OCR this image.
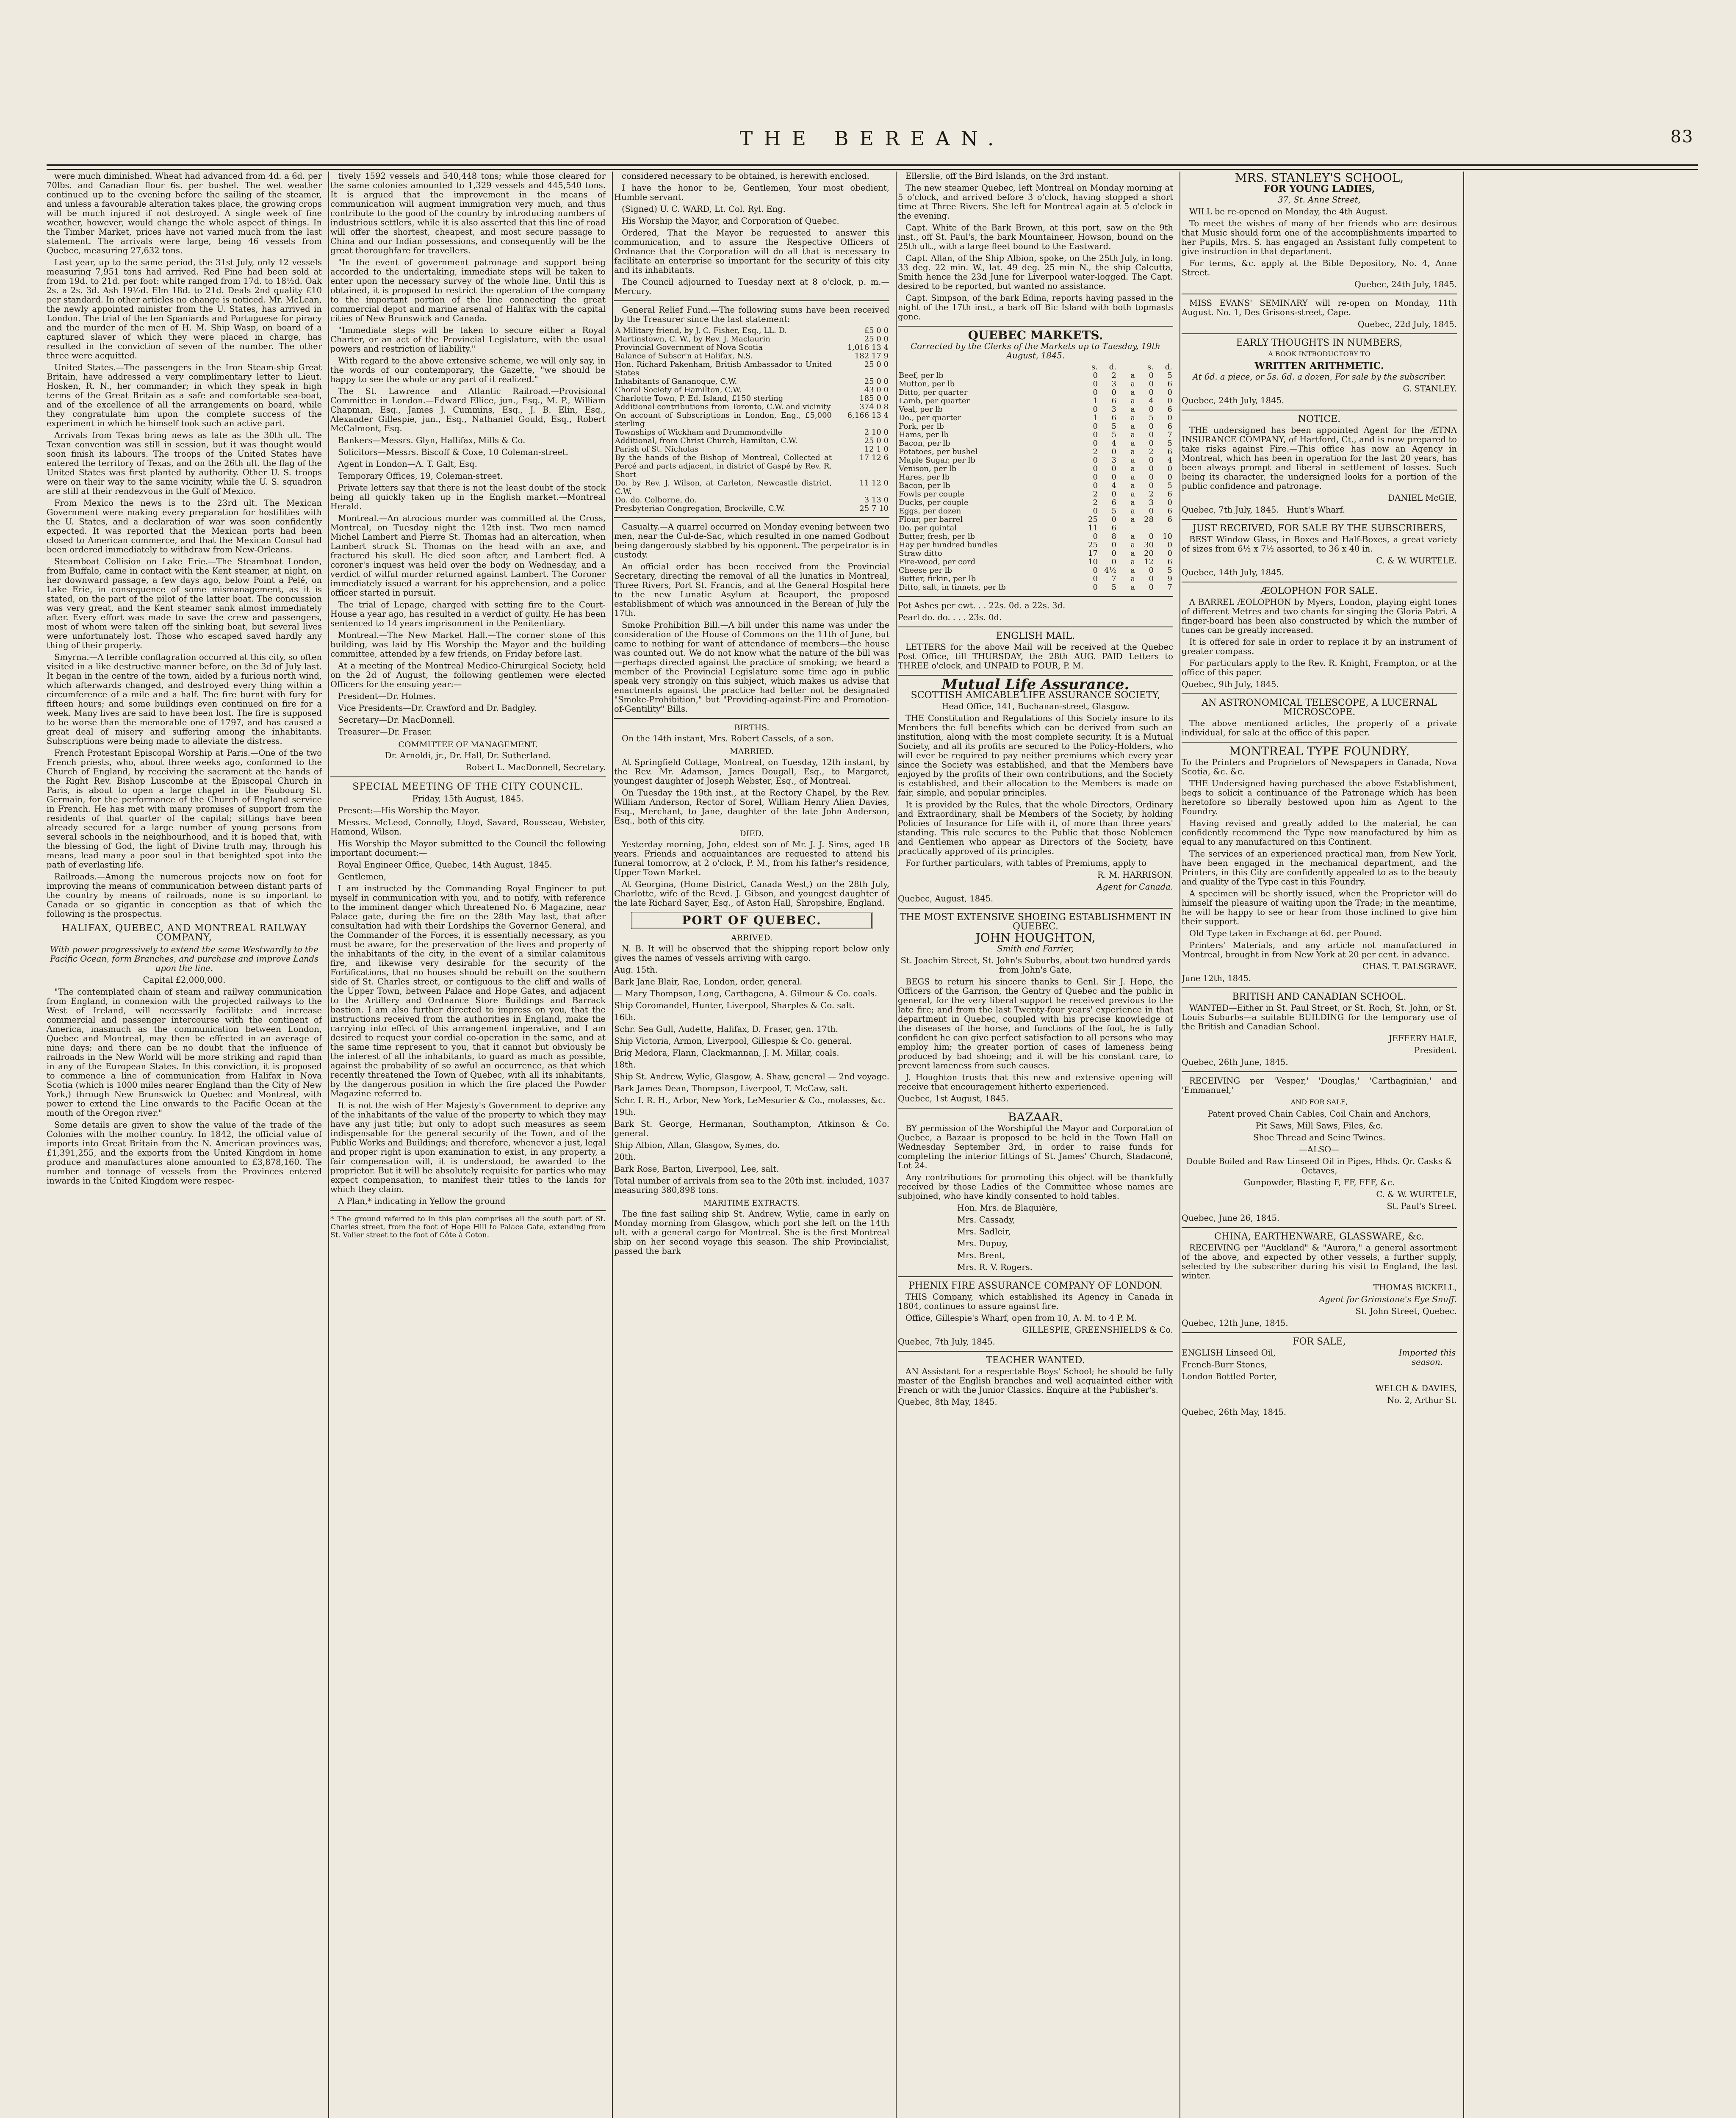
THE BEREAN.	83

were much diminished. Wheat had advanced from 4d. a 6d. per 70lbs. and Canadian flour 6s. per bushel. The wet weather continued up to the evening before the sailing of the steamer, and unless a favourable alteration takes place, the growing crops will be much injured if not destroyed. A single week of fine weather, however, would change the whole aspect of things. In the Timber Market, prices have not varied much from the last statement. The arrivals were large, being 46 vessels from Quebec, measuring 27,632 tons.

Last year, up to the same period, the 31st July, only 12 vessels measuring 7,951 tons had arrived. Red Pine had been sold at from 19d. to 21d. per foot: white ranged from 17d. to 18½d. Oak 2s. a 2s. 3d. Ash 19½d. Elm 18d. to 21d. Deals 2nd quality £10 per standard. In other articles no change is noticed. Mr. McLean, the newly appointed minister from the U. States, has arrived in London. The trial of the ten Spaniards and Portuguese for piracy and the murder of the men of H. M. Ship Wasp, on board of a captured slaver of which they were placed in charge, has resulted in the conviction of seven of the number. The other three were acquitted.

United States.—The passengers in the Iron Steam-ship Great Britain, have addressed a very complimentary letter to Lieut. Hosken, R. N., her commander; in which they speak in high terms of the Great Britain as a safe and comfortable sea-boat, and of the excellence of all the arrangements on board, while they congratulate him upon the complete success of the experiment in which he himself took such an active part.

Arrivals from Texas bring news as late as the 30th ult. The Texan convention was still in session, but it was thought would soon finish its labours. The troops of the United States have entered the territory of Texas, and on the 26th ult. the flag of the United States was first planted by authority. Other U. S. troops were on their way to the same vicinity, while the U. S. squadron are still at their rendezvous in the Gulf of Mexico.

From Mexico the news is to the 23rd ult. The Mexican Government were making every preparation for hostilities with the U. States, and a declaration of war was soon confidently expected. It was reported that the Mexican ports had been closed to American commerce, and that the Mexican Consul had been ordered immediately to withdraw from New-Orleans.

Steamboat Collision on Lake Erie.—The Steamboat London, from Buffalo, came in contact with the Kent steamer, at night, on her downward passage, a few days ago, below Point a Pelé, on Lake Erie, in consequence of some mismanagement, as it is stated, on the part of the pilot of the latter boat. The concussion was very great, and the Kent steamer sank almost immediately after. Every effort was made to save the crew and passengers, most of whom were taken off the sinking boat, but several lives were unfortunately lost. Those who escaped saved hardly any thing of their property.

Smyrna.—A terrible conflagration occurred at this city, so often visited in a like destructive manner before, on the 3d of July last. It began in the centre of the town, aided by a furious north wind, which afterwards changed, and destroyed every thing within a circumference of a mile and a half. The fire burnt with fury for fifteen hours; and some buildings even continued on fire for a week. Many lives are said to have been lost. The fire is supposed to be worse than the memorable one of 1797, and has caused a great deal of misery and suffering among the inhabitants. Subscriptions were being made to alleviate the distress.

French Protestant Episcopal Worship at Paris.—One of the two French priests, who, about three weeks ago, conformed to the Church of England, by receiving the sacrament at the hands of the Right Rev. Bishop Luscombe at the Episcopal Church in Paris, is about to open a large chapel in the Faubourg St. Germain, for the performance of the Church of England service in French. He has met with many promises of support from the residents of that quarter of the capital; sittings have been already secured for a large number of young persons from several schools in the neighbourhood, and it is hoped that, with the blessing of God, the light of Divine truth may, through his means, lead many a poor soul in that benighted spot into the path of everlasting life.

Railroads.—Among the numerous projects now on foot for improving the means of communication between distant parts of the country by means of railroads, none is so important to Canada or so gigantic in conception as that of which the following is the prospectus.

HALIFAX, QUEBEC, AND MONTREAL RAILWAY COMPANY,

With power progressively to extend the same Westwardly to the Pacific Ocean, form Branches, and purchase and improve Lands upon the line.

Capital £2,000,000.

"The contemplated chain of steam and railway communication from England, in connexion with the projected railways to the West of Ireland, will necessarily facilitate and increase commercial and passenger intercourse with the continent of America, inasmuch as the communication between London, Quebec and Montreal, may then be effected in an average of nine days; and there can be no doubt that the influence of railroads in the New World will be more striking and rapid than in any of the European States. In this conviction, it is proposed to commence a line of communication from Halifax in Nova Scotia (which is 1000 miles nearer England than the City of New York,) through New Brunswick to Quebec and Montreal, with power to extend the Line onwards to the Pacific Ocean at the mouth of the Oregon river."

Some details are given to show the value of the trade of the Colonies with the mother country. In 1842, the official value of imports into Great Britain from the N. American provinces was, £1,391,255, and the exports from the United Kingdom in home produce and manufactures alone amounted to £3,878,160. The number and tonnage of vessels from the Provinces entered inwards in the United Kingdom were respec-

tively 1592 vessels and 540,448 tons; while those cleared for the same colonies amounted to 1,329 vessels and 445,540 tons. It is argued that the improvement in the means of communication will augment immigration very much, and thus contribute to the good of the country by introducing numbers of industrious settlers, while it is also asserted that this line of road will offer the shortest, cheapest, and most secure passage to China and our Indian possessions, and consequently will be the great thoroughfare for travellers.

"In the event of government patronage and support being accorded to the undertaking, immediate steps will be taken to enter upon the necessary survey of the whole line. Until this is obtained, it is proposed to restrict the operation of the company to the important portion of the line connecting the great commercial depot and marine arsenal of Halifax with the capital cities of New Brunswick and Canada.

"Immediate steps will be taken to secure either a Royal Charter, or an act of the Provincial Legislature, with the usual powers and restriction of liability."

With regard to the above extensive scheme, we will only say, in the words of our contemporary, the Gazette, "we should be happy to see the whole or any part of it realized."

The St. Lawrence and Atlantic Railroad.—Provisional Committee in London.—Edward Ellice, jun., Esq., M. P., William Chapman, Esq., James J. Cummins, Esq., J. B. Elin, Esq., Alexander Gillespie, jun., Esq., Nathaniel Gould, Esq., Robert McCalmont, Esq.

Bankers—Messrs. Glyn, Hallifax, Mills & Co.

Solicitors—Messrs. Biscoff & Coxe, 10 Coleman-street.

Agent in London—A. T. Galt, Esq.

Temporary Offices, 19, Coleman-street.

Private letters say that there is not the least doubt of the stock being all quickly taken up in the English market.—Montreal Herald.

Montreal.—An atrocious murder was committed at the Cross, Montreal, on Tuesday night the 12th inst. Two men named Michel Lambert and Pierre St. Thomas had an altercation, when Lambert struck St. Thomas on the head with an axe, and fractured his skull. He died soon after, and Lambert fled. A coroner's inquest was held over the body on Wednesday, and a verdict of wilful murder returned against Lambert. The Coroner immediately issued a warrant for his apprehension, and a police officer started in pursuit.

The trial of Lepage, charged with setting fire to the Court-House a year ago, has resulted in a verdict of guilty. He has been sentenced to 14 years imprisonment in the Penitentiary.

Montreal.—The New Market Hall.—The corner stone of this building, was laid by His Worship the Mayor and the building committee, attended by a few friends, on Friday before last.

At a meeting of the Montreal Medico-Chirurgical Society, held on the 2d of August, the following gentlemen were elected Officers for the ensuing year:—

President—Dr. Holmes.

Vice Presidents—Dr. Crawford and Dr. Badgley.

Secretary—Dr. MacDonnell.

Treasurer—Dr. Fraser.

COMMITTEE OF MANAGEMENT.

Dr. Arnoldi, jr., Dr. Hall, Dr. Sutherland.

Robert L. MacDonnell, Secretary.

SPECIAL MEETING OF THE CITY COUNCIL.

Friday, 15th August, 1845.

Present:—His Worship the Mayor.

Messrs. McLeod, Connolly, Lloyd, Savard, Rousseau, Webster, Hamond, Wilson.

His Worship the Mayor submitted to the Council the following important document:—

Royal Engineer Office, Quebec, 14th August, 1845.

Gentlemen,

I am instructed by the Commanding Royal Engineer to put myself in communication with you, and to notify, with reference to the imminent danger which threatened No. 6 Magazine, near Palace gate, during the fire on the 28th May last, that after consultation had with their Lordships the Governor General, and the Commander of the Forces, it is essentially necessary, as you must be aware, for the preservation of the lives and property of the inhabitants of the city, in the event of a similar calamitous fire, and likewise very desirable for the security of the Fortifications, that no houses should be rebuilt on the southern side of St. Charles street, or contiguous to the cliff and walls of the Upper Town, between Palace and Hope Gates, and adjacent to the Artillery and Ordnance Store Buildings and Barrack bastion. I am also further directed to impress on you, that the instructions received from the authorities in England, make the carrying into effect of this arrangement imperative, and I am desired to request your cordial co-operation in the same, and at the same time represent to you, that it cannot but obviously be the interest of all the inhabitants, to guard as much as possible, against the probability of so awful an occurrence, as that which recently threatened the Town of Quebec, with all its inhabitants, by the dangerous position in which the fire placed the Powder Magazine referred to.

It is not the wish of Her Majesty's Government to deprive any of the inhabitants of the value of the property to which they may have any just title; but only to adopt such measures as seem indispensable for the general security of the Town, and of the Public Works and Buildings; and therefore, whenever a just, legal and proper right is upon examination to exist, in any property, a fair compensation will, it is understood, be awarded to the proprietor. But it will be absolutely requisite for parties who may expect compensation, to manifest their titles to the lands for which they claim.

A Plan,* indicating in Yellow the ground

* The ground referred to in this plan comprises all the south part of St. Charles street, from the foot of Hope Hill to Palace Gate, extending from St. Valier street to the foot of Côte à Coton.

considered necessary to be obtained, is herewith enclosed.

I have the honor to be, Gentlemen, Your most obedient, Humble servant.

(Signed) U. C. WARD, Lt. Col. Ryl. Eng.

His Worship the Mayor, and Corporation of Quebec.

Ordered, That the Mayor be requested to answer this communication, and to assure the Respective Officers of Ordnance that the Corporation will do all that is necessary to facilitate an enterprise so important for the security of this city and its inhabitants.

The Council adjourned to Tuesday next at 8 o'clock, p. m.—Mercury.

General Relief Fund.—The following sums have been received by the Treasurer since the last statement:

A Military friend, by J. C. Fisher, Esq., LL. D.	£5 0 0
Martinstown, C. W., by Rev. J. Maclaurin	25 0 0
Provincial Government of Nova Scotia	1,016 13 4
Balance of Subscr'n at Halifax, N.S.	182 17 9
Hon. Richard Pakenham, British Ambassador to United States	25 0 0
Inhabitants of Gananoque, C.W.	25 0 0
Choral Society of Hamilton, C.W.	43 0 0
Charlotte Town, P. Ed. Island, £150 sterling	185 0 0
Additional contributions from Toronto, C.W. and vicinity	374 0 8
On account of Subscriptions in London, Eng., £5,000 sterling	6,166 13 4
Townships of Wickham and Drummondville	2 10 0
Additional, from Christ Church, Hamilton, C.W.	25 0 0
Parish of St. Nicholas	12 1 0
By the hands of the Bishop of Montreal, Collected at Percé and parts adjacent, in district of Gaspé by Rev. R. Short	17 12 6
Do. by Rev. J. Wilson, at Carleton, Newcastle district, C.W.	11 12 0
Do. do. Colborne, do.	3 13 0
Presbyterian Congregation, Brockville, C.W.	25 7 10

Casualty.—A quarrel occurred on Monday evening between two men, near the Cul-de-Sac, which resulted in one named Godbout being dangerously stabbed by his opponent. The perpetrator is in custody.

An official order has been received from the Provincial Secretary, directing the removal of all the lunatics in Montreal, Three Rivers, Port St. Francis, and at the General Hospital here to the new Lunatic Asylum at Beauport, the proposed establishment of which was announced in the Berean of July the 17th.

Smoke Prohibition Bill.—A bill under this name was under the consideration of the House of Commons on the 11th of June, but came to nothing for want of attendance of members—the house was counted out. We do not know what the nature of the bill was—perhaps directed against the practice of smoking; we heard a member of the Provincial Legislature some time ago in public speak very strongly on this subject, which makes us advise that enactments against the practice had better not be designated "Smoke-Prohibition," but "Providing-against-Fire and Promotion-of-Gentility" Bills.

BIRTHS.

On the 14th instant, Mrs. Robert Cassels, of a son.

MARRIED.

At Springfield Cottage, Montreal, on Tuesday, 12th instant, by the Rev. Mr. Adamson, James Dougall, Esq., to Margaret, youngest daughter of Joseph Webster, Esq., of Montreal.

On Tuesday the 19th inst., at the Rectory Chapel, by the Rev. William Anderson, Rector of Sorel, William Henry Alien Davies, Esq., Merchant, to Jane, daughter of the late John Anderson, Esq., both of this city.

DIED.

Yesterday morning, John, eldest son of Mr. J. J. Sims, aged 18 years. Friends and acquaintances are requested to attend his funeral tomorrow, at 2 o'clock, P. M., from his father's residence, Upper Town Market.

At Georgina, (Home District, Canada West,) on the 28th July, Charlotte, wife of the Revd. J. Gibson, and youngest daughter of the late Richard Sayer, Esq., of Aston Hall, Shropshire, England.

PORT OF QUEBEC.
ARRIVED.

N. B. It will be observed that the shipping report below only gives the names of vessels arriving with cargo.

Aug. 15th.

Bark Jane Blair, Rae, London, order, general.

— Mary Thompson, Long, Carthagena, A. Gilmour & Co. coals.

Ship Coromandel, Hunter, Liverpool, Sharples & Co. salt.

16th.

Schr. Sea Gull, Audette, Halifax, D. Fraser, gen. 17th.

Ship Victoria, Armon, Liverpool, Gillespie & Co. general.

Brig Medora, Flann, Clackmannan, J. M. Millar, coals.

18th.

Ship St. Andrew, Wylie, Glasgow, A. Shaw, general — 2nd voyage.

Bark James Dean, Thompson, Liverpool, T. McCaw, salt.

Schr. I. R. H., Arbor, New York, LeMesurier & Co., molasses, &c.

19th.

Bark St. George, Hermanan, Southampton, Atkinson & Co. general.

Ship Albion, Allan, Glasgow, Symes, do.

20th.

Bark Rose, Barton, Liverpool, Lee, salt.

Total number of arrivals from sea to the 20th inst. included, 1037 measuring 380,898 tons.

MARITIME EXTRACTS.

The fine fast sailing ship St. Andrew, Wylie, came in early on Monday morning from Glasgow, which port she left on the 14th ult. with a general cargo for Montreal. She is the first Montreal ship on her second voyage this season. The ship Provincialist, passed the bark

Ellerslie, off the Bird Islands, on the 3rd instant.

The new steamer Quebec, left Montreal on Monday morning at 5 o'clock, and arrived before 3 o'clock, having stopped a short time at Three Rivers. She left for Montreal again at 5 o'clock in the evening.

Capt. White of the Bark Brown, at this port, saw on the 9th inst., off St. Paul's, the bark Mountaineer, Howson, bound on the 25th ult., with a large fleet bound to the Eastward.

Capt. Allan, of the Ship Albion, spoke, on the 25th July, in long. 33 deg. 22 min. W., lat. 49 deg. 25 min N., the ship Calcutta, Smith hence the 23d June for Liverpool water-logged. The Capt. desired to be reported, but wanted no assistance.

Capt. Simpson, of the bark Edina, reports having passed in the night of the 17th inst., a bark off Bic Island with both topmasts gone.

QUEBEC MARKETS.

Corrected by the Clerks of the Markets up to Tuesday, 19th August, 1845.

	s.	d.		s.	d.
Beef, per lb	0	2	a	0	5
Mutton, per lb	0	3	a	0	6
Ditto, per quarter	0	0	a	0	0
Lamb, per quarter	1	6	a	4	0
Veal, per lb	0	3	a	0	6
Do., per quarter	1	6	a	5	0
Pork, per lb	0	5	a	0	6
Hams, per lb	0	5	a	0	7
Bacon, per lb	0	4	a	0	5
Potatoes, per bushel	2	0	a	2	6
Maple Sugar, per lb	0	3	a	0	4
Venison, per lb	0	0	a	0	0
Hares, per lb	0	0	a	0	0
Bacon, per lb	0	4	a	0	5
Fowls per couple	2	0	a	2	6
Ducks, per couple	2	6	a	3	0
Eggs, per dozen	0	5	a	0	6
Flour, per barrel	25	0	a	28	6
Do. per quintal	11	6			
Butter, fresh, per lb	0	8	a	0	10
Hay per hundred bundles	25	0	a	30	0
Straw ditto	17	0	a	20	0
Fire-wood, per cord	10	0	a	12	6
Cheese per lb	0	4½	a	0	5
Butter, firkin, per lb	0	7	a	0	9
Ditto, salt, in tinnets, per lb	0	5	a	0	7

Pot Ashes per cwt. . . 22s. 0d. a 22s. 3d.

Pearl do. do. . . . 23s. 0d.

ENGLISH MAIL.

LETTERS for the above Mail will be received at the Quebec Post Office, till THURSDAY, the 28th AUG. PAID Letters to THREE o'clock, and UNPAID to FOUR, P. M.

Mutual Life Assurance.
SCOTTISH AMICABLE LIFE ASSURANCE SOCIETY,

Head Office, 141, Buchanan-street, Glasgow.

THE Constitution and Regulations of this Society insure to its Members the full benefits which can be derived from such an institution, along with the most complete security. It is a Mutual Society, and all its profits are secured to the Policy-Holders, who will ever be required to pay neither premiums which every year since the Society was established, and that the Members have enjoyed by the profits of their own contributions, and the Society is established, and their allocation to the Members is made on fair, simple, and popular principles.

It is provided by the Rules, that the whole Directors, Ordinary and Extraordinary, shall be Members of the Society, by holding Policies of Insurance for Life with it, of more than three years' standing. This rule secures to the Public that those Noblemen and Gentlemen who appear as Directors of the Society, have practically approved of its principles.

For further particulars, with tables of Premiums, apply to

R. M. HARRISON.

Agent for Canada.

Quebec, August, 1845.

THE MOST EXTENSIVE SHOEING ESTABLISHMENT IN QUEBEC.
JOHN HOUGHTON,

Smith and Farrier,

St. Joachim Street, St. John's Suburbs, about two hundred yards from John's Gate,

BEGS to return his sincere thanks to Genl. Sir J. Hope, the Officers of the Garrison, the Gentry of Quebec and the public in general, for the very liberal support he received previous to the late fire; and from the last Twenty-four years' experience in that department in Quebec, coupled with his precise knowledge of the diseases of the horse, and functions of the foot, he is fully confident he can give perfect satisfaction to all persons who may employ him; the greater portion of cases of lameness being produced by bad shoeing; and it will be his constant care, to prevent lameness from such causes.

J. Houghton trusts that this new and extensive opening will receive that encouragement hitherto experienced.

Quebec, 1st August, 1845.

BAZAAR.

BY permission of the Worshipful the Mayor and Corporation of Quebec, a Bazaar is proposed to be held in the Town Hall on Wednesday September 3rd, in order to raise funds for completing the interior fittings of St. James' Church, Stadaconé, Lot 24.

Any contributions for promoting this object will be thankfully received by those Ladies of the Committee whose names are subjoined, who have kindly consented to hold tables.

Hon. Mrs. de Blaquière,

Mrs. Cassady,

Mrs. Sadleir,

Mrs. Dupuy,

Mrs. Brent,

Mrs. R. V. Rogers.

PHENIX FIRE ASSURANCE COMPANY OF LONDON.

THIS Company, which established its Agency in Canada in 1804, continues to assure against fire.

Office, Gillespie's Wharf, open from 10, A. M. to 4 P. M.

GILLESPIE, GREENSHIELDS & Co.

Quebec, 7th July, 1845.

TEACHER WANTED.

AN Assistant for a respectable Boys' School; he should be fully master of the English branches and well acquainted either with French or with the Junior Classics. Enquire at the Publisher's.

Quebec, 8th May, 1845.

MRS. STANLEY'S SCHOOL,
FOR YOUNG LADIES,

37, St. Anne Street,

WILL be re-opened on Monday, the 4th August.

To meet the wishes of many of her friends who are desirous that Music should form one of the accomplishments imparted to her Pupils, Mrs. S. has engaged an Assistant fully competent to give instruction in that department.

For terms, &c. apply at the Bible Depository, No. 4, Anne Street.

Quebec, 24th July, 1845.

MISS EVANS' SEMINARY will re-open on Monday, 11th August. No. 1, Des Grisons-street, Cape.

Quebec, 22d July, 1845.

EARLY THOUGHTS IN NUMBERS,

A BOOK INTRODUCTORY TO

WRITTEN ARITHMETIC.

At 6d. a piece, or 5s. 6d. a dozen, For sale by the subscriber.

G. STANLEY.

Quebec, 24th July, 1845.

NOTICE.

THE undersigned has been appointed Agent for the ÆTNA INSURANCE COMPANY, of Hartford, Ct., and is now prepared to take risks against Fire.—This office has now an Agency in Montreal, which has been in operation for the last 20 years, has been always prompt and liberal in settlement of losses. Such being its character, the undersigned looks for a portion of the public confidence and patronage.

DANIEL McGIE,

Quebec, 7th July, 1845. Hunt's Wharf.

JUST RECEIVED, FOR SALE BY THE SUBSCRIBERS,

BEST Window Glass, in Boxes and Half-Boxes, a great variety of sizes from 6½ x 7½ assorted, to 36 x 40 in.

C. & W. WURTELE.

Quebec, 14th July, 1845.

ÆOLOPHON FOR SALE.

A BARREL ÆOLOPHON by Myers, London, playing eight tones of different Metres and two chants for singing the Gloria Patri. A finger-board has been also constructed by which the number of tunes can be greatly increased.

It is offered for sale in order to replace it by an instrument of greater compass.

For particulars apply to the Rev. R. Knight, Frampton, or at the office of this paper.

Quebec, 9th July, 1845.

AN ASTRONOMICAL TELESCOPE, A LUCERNAL MICROSCOPE.

The above mentioned articles, the property of a private individual, for sale at the office of this paper.

MONTREAL TYPE FOUNDRY.

To the Printers and Proprietors of Newspapers in Canada, Nova Scotia, &c. &c.

THE Undersigned having purchased the above Establishment, begs to solicit a continuance of the Patronage which has been heretofore so liberally bestowed upon him as Agent to the Foundry.

Having revised and greatly added to the material, he can confidently recommend the Type now manufactured by him as equal to any manufactured on this Continent.

The services of an experienced practical man, from New York, have been engaged in the mechanical department, and the Printers, in this City are confidently appealed to as to the beauty and quality of the Type cast in this Foundry.

A specimen will be shortly issued, when the Proprietor will do himself the pleasure of waiting upon the Trade; in the meantime, he will be happy to see or hear from those inclined to give him their support.

Old Type taken in Exchange at 6d. per Pound.

Printers' Materials, and any article not manufactured in Montreal, brought in from New York at 20 per cent. in advance.

CHAS. T. PALSGRAVE.

June 12th, 1845.

BRITISH AND CANADIAN SCHOOL.

WANTED—Either in St. Paul Street, or St. Roch, St. John, or St. Louis Suburbs—a suitable BUILDING for the temporary use of the British and Canadian School.

JEFFERY HALE,

President.

Quebec, 26th June, 1845.

RECEIVING per 'Vesper,' 'Douglas,' 'Carthaginian,' and 'Emmanuel,'

AND FOR SALE,

Patent proved Chain Cables, Coil Chain and Anchors,

Pit Saws, Mill Saws, Files, &c.

Shoe Thread and Seine Twines.

—ALSO—

Double Boiled and Raw Linseed Oil in Pipes, Hhds. Qr. Casks & Octaves,

Gunpowder, Blasting F, FF, FFF, &c.

C. & W. WURTELE,

St. Paul's Street.

Quebec, June 26, 1845.

CHINA, EARTHENWARE, GLASSWARE, &c.

RECEIVING per "Auckland" & "Aurora," a general assortment of the above, and expected by other vessels, a further supply, selected by the subscriber during his visit to England, the last winter.

THOMAS BICKELL,

Agent for Grimstone's Eye Snuff.

St. John Street, Quebec.

Quebec, 12th June, 1845.

FOR SALE,

ENGLISH Linseed Oil,

French-Burr Stones,

London Bottled Porter,

Imported this season.

WELCH & DAVIES,

No. 2, Arthur St.

Quebec, 26th May, 1845.
